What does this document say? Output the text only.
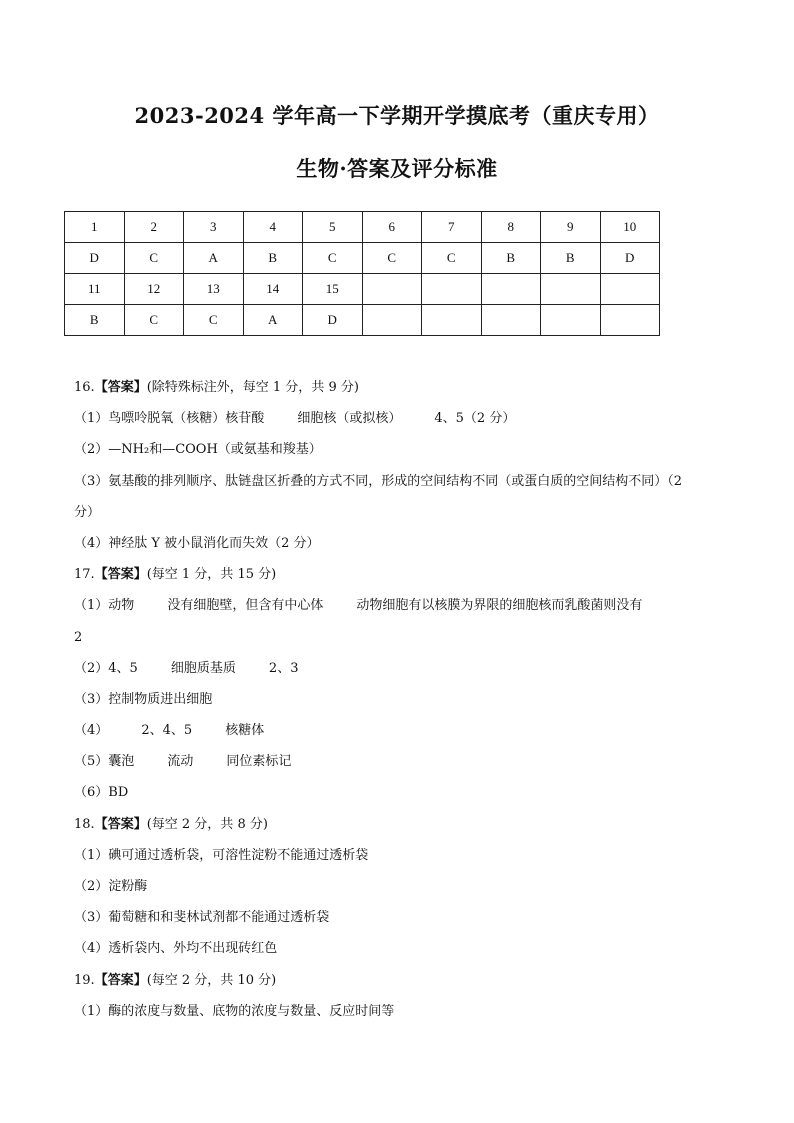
2023-2024 学年高一下学期开学摸底考（重庆专用）
生物·答案及评分标准
1	2	3	4	5	6	7	8	9	10
D	C	A	B	C	C	C	B	B	D
11	12	13	14	15					
B	C	C	A	D					
16.【答案】(除特殊标注外，每空 1 分，共 9 分)
（1）鸟嘌呤脱氧（核糖）核苷酸        细胞核（或拟核）        4、5（2 分）
（2）—NH₂和—COOH（或氨基和羧基）
（3）氨基酸的排列顺序、肽链盘区折叠的方式不同，形成的空间结构不同（或蛋白质的空间结构不同）（2
分）
（4）神经肽 Y 被小鼠消化而失效（2 分）
17.【答案】(每空 1 分，共 15 分)
（1）动物        没有细胞壁，但含有中心体        动物细胞有以核膜为界限的细胞核而乳酸菌则没有
2
（2）4、5        细胞质基质        2、3
（3）控制物质进出细胞
（4）        2、4、5        核糖体
（5）囊泡        流动        同位素标记
（6）BD
18.【答案】(每空 2 分，共 8 分)
（1）碘可通过透析袋，可溶性淀粉不能通过透析袋
（2）淀粉酶
（3）葡萄糖和和斐林试剂都不能通过透析袋
（4）透析袋内、外均不出现砖红色
19.【答案】(每空 2 分，共 10 分)
（1）酶的浓度与数量、底物的浓度与数量、反应时间等
